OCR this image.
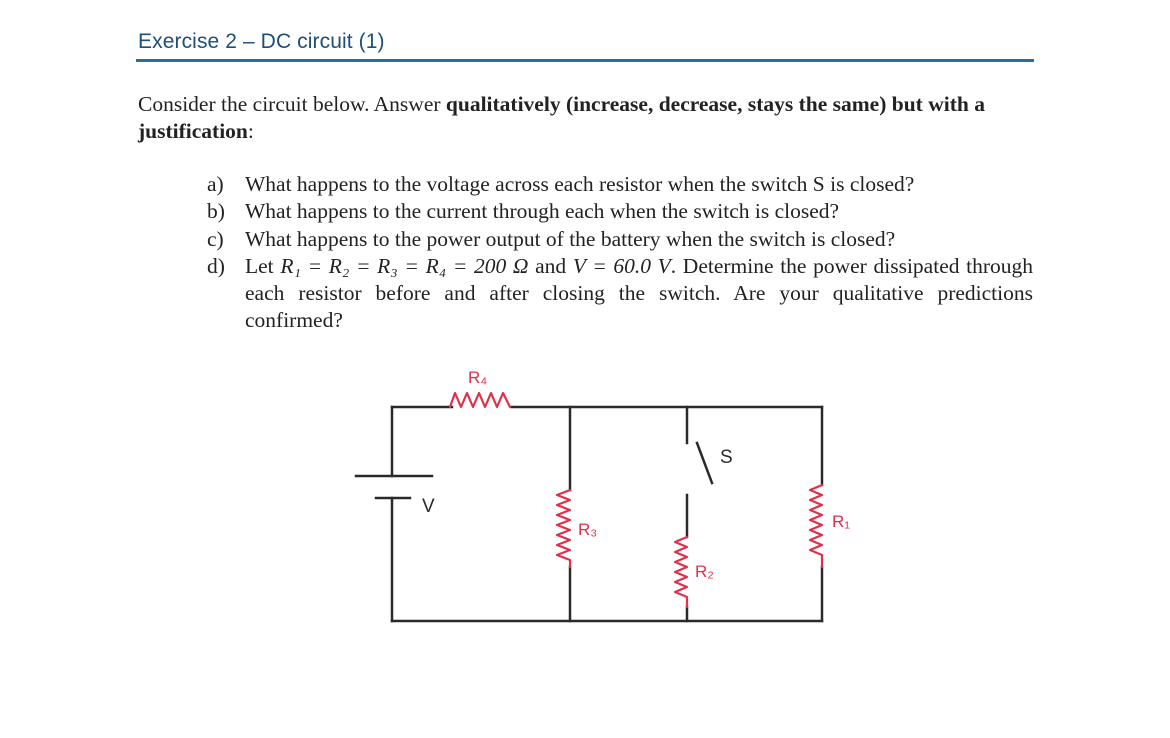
Exercise 2 – DC circuit (1)
Consider the circuit below. Answer qualitatively (increase, decrease, stays the same) but with a justification:
a) What happens to the voltage across each resistor when the switch S is closed?
b) What happens to the current through each when the switch is closed?
c) What happens to the power output of the battery when the switch is closed?
d) Let R₁ = R₂ = R₃ = R₄ = 200 Ω and V = 60.0 V. Determine the power dissipated through each resistor before and after closing the switch. Are your qualitative predictions confirmed?
R₄
R₃
R₂
R₁
V
S
